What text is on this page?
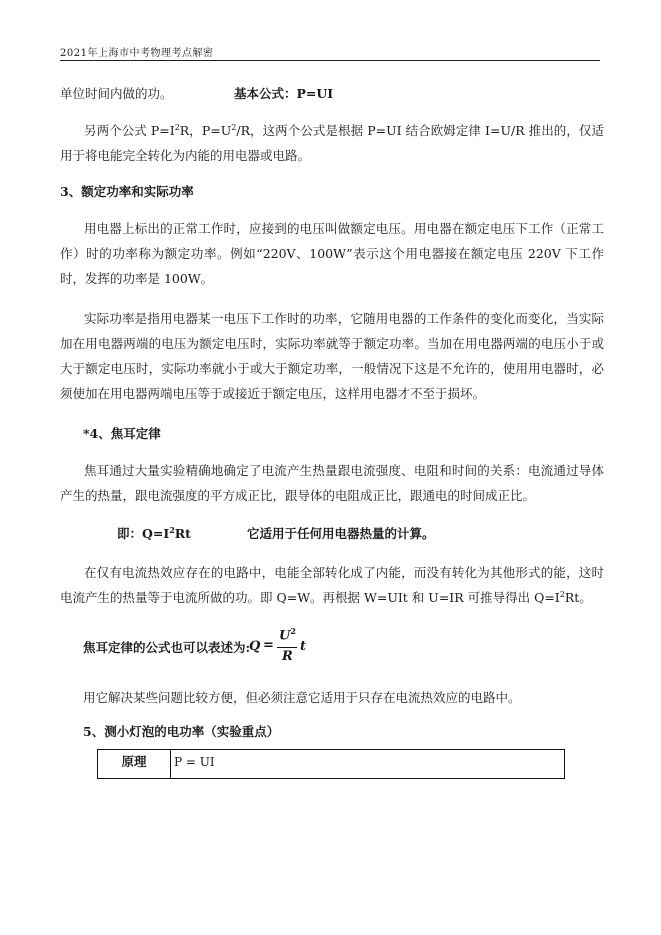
2021年上海市中考物理考点解密
单位时间内做的功。	基本公式：P=UI
另两个公式 $P=I^2R$，$P=U^2/R$，这两个公式是根据 P=UI 结合欧姆定律 I=U/R 推出的，仅适用于将电能完全转化为内能的用电器或电路。
3、额定功率和实际功率
用电器上标出的正常工作时，应接到的电压叫做额定电压。用电器在额定电压下工作（正常工作）时的功率称为额定功率。例如“220V、100W”表示这个用电器接在额定电压 220V 下工作时，发挥的功率是 100W。
实际功率是指用电器某一电压下工作时的功率，它随用电器的工作条件的变化而变化，当实际加在用电器两端的电压为额定电压时，实际功率就等于额定功率。当加在用电器两端的电压小于或大于额定电压时，实际功率就小于或大于额定功率，一般情况下这是不允许的，使用用电器时，必须使加在用电器两端电压等于或接近于额定电压，这样用电器才不至于损坏。
*4、焦耳定律
焦耳通过大量实验精确地确定了电流产生热量跟电流强度、电阻和时间的关系：电流通过导体产生的热量，跟电流强度的平方成正比，跟导体的电阻成正比，跟通电的时间成正比。
即：$Q=I^2Rt$	它适用于任何用电器热量的计算。
在仅有电流热效应存在的电路中，电能全部转化成了内能，而没有转化为其他形式的能，这时电流产生的热量等于电流所做的功。即 Q=W。再根据 W=UIt 和 U=IR 可推导得出 $Q=I^2Rt$。
焦耳定律的公式也可以表述为:
Q =
$U^2$
R
t
用它解决某些问题比较方便，但必须注意它适用于只存在电流热效应的电路中。
5、测小灯泡的电功率（实验重点）
原理	P = UI
